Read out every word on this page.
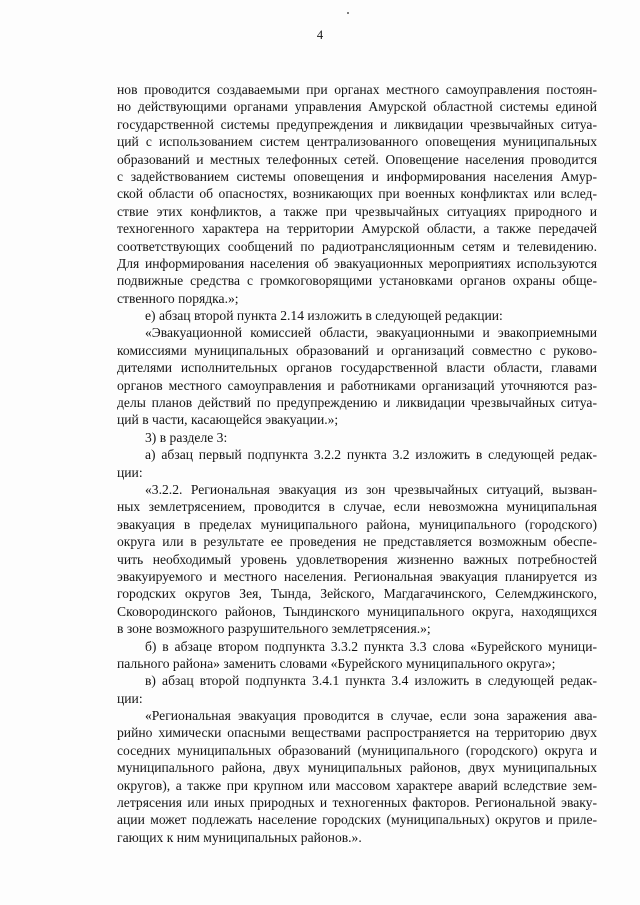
4
нов проводится создаваемыми при органах местного самоуправления постоян-
но действующими органами управления Амурской областной системы единой
государственной системы предупреждения и ликвидации чрезвычайных ситуа-
ций с использованием систем централизованного оповещения муниципальных
образований и местных телефонных сетей. Оповещение населения проводится
с задействованием системы оповещения и информирования населения Амур-
ской области об опасностях, возникающих при военных конфликтах или вслед-
ствие этих конфликтов, а также при чрезвычайных ситуациях природного и
техногенного характера на территории Амурской области, а также передачей
соответствующих сообщений по радиотрансляционным сетям и телевидению.
Для информирования населения об эвакуационных мероприятиях используются
подвижные средства с громкоговорящими установками органов охраны обще-
ственного порядка.»;
е) абзац второй пункта 2.14 изложить в следующей редакции:
«Эвакуационной комиссией области, эвакуационными и эвакоприемными
комиссиями муниципальных образований и организаций совместно с руково-
дителями исполнительных органов государственной власти области, главами
органов местного самоуправления и работниками организаций уточняются раз-
делы планов действий по предупреждению и ликвидации чрезвычайных ситуа-
ций в части, касающейся эвакуации.»;
3) в разделе 3:
а) абзац первый подпункта 3.2.2 пункта 3.2 изложить в следующей редак-
ции:
«3.2.2. Региональная эвакуация из зон чрезвычайных ситуаций, вызван-
ных землетрясением, проводится в случае, если невозможна муниципальная
эвакуация в пределах муниципального района, муниципального (городского)
округа или в результате ее проведения не представляется возможным обеспе-
чить необходимый уровень удовлетворения жизненно важных потребностей
эвакуируемого и местного населения. Региональная эвакуация планируется из
городских округов Зея, Тында, Зейского, Магдагачинского, Селемджинского,
Сковородинского районов, Тындинского муниципального округа, находящихся
в зоне возможного разрушительного землетрясения.»;
б) в абзаце втором подпункта 3.3.2 пункта 3.3 слова «Бурейского муници-
пального района» заменить словами «Бурейского муниципального округа»;
в) абзац второй подпункта 3.4.1 пункта 3.4 изложить в следующей редак-
ции:
«Региональная эвакуация проводится в случае, если зона заражения ава-
рийно химически опасными веществами распространяется на территорию двух
соседних муниципальных образований (муниципального (городского) округа и
муниципального района, двух муниципальных районов, двух муниципальных
округов), а также при крупном или массовом характере аварий вследствие зем-
летрясения или иных природных и техногенных факторов. Региональной эваку-
ации может подлежать население городских (муниципальных) округов и приле-
гающих к ним муниципальных районов.».
